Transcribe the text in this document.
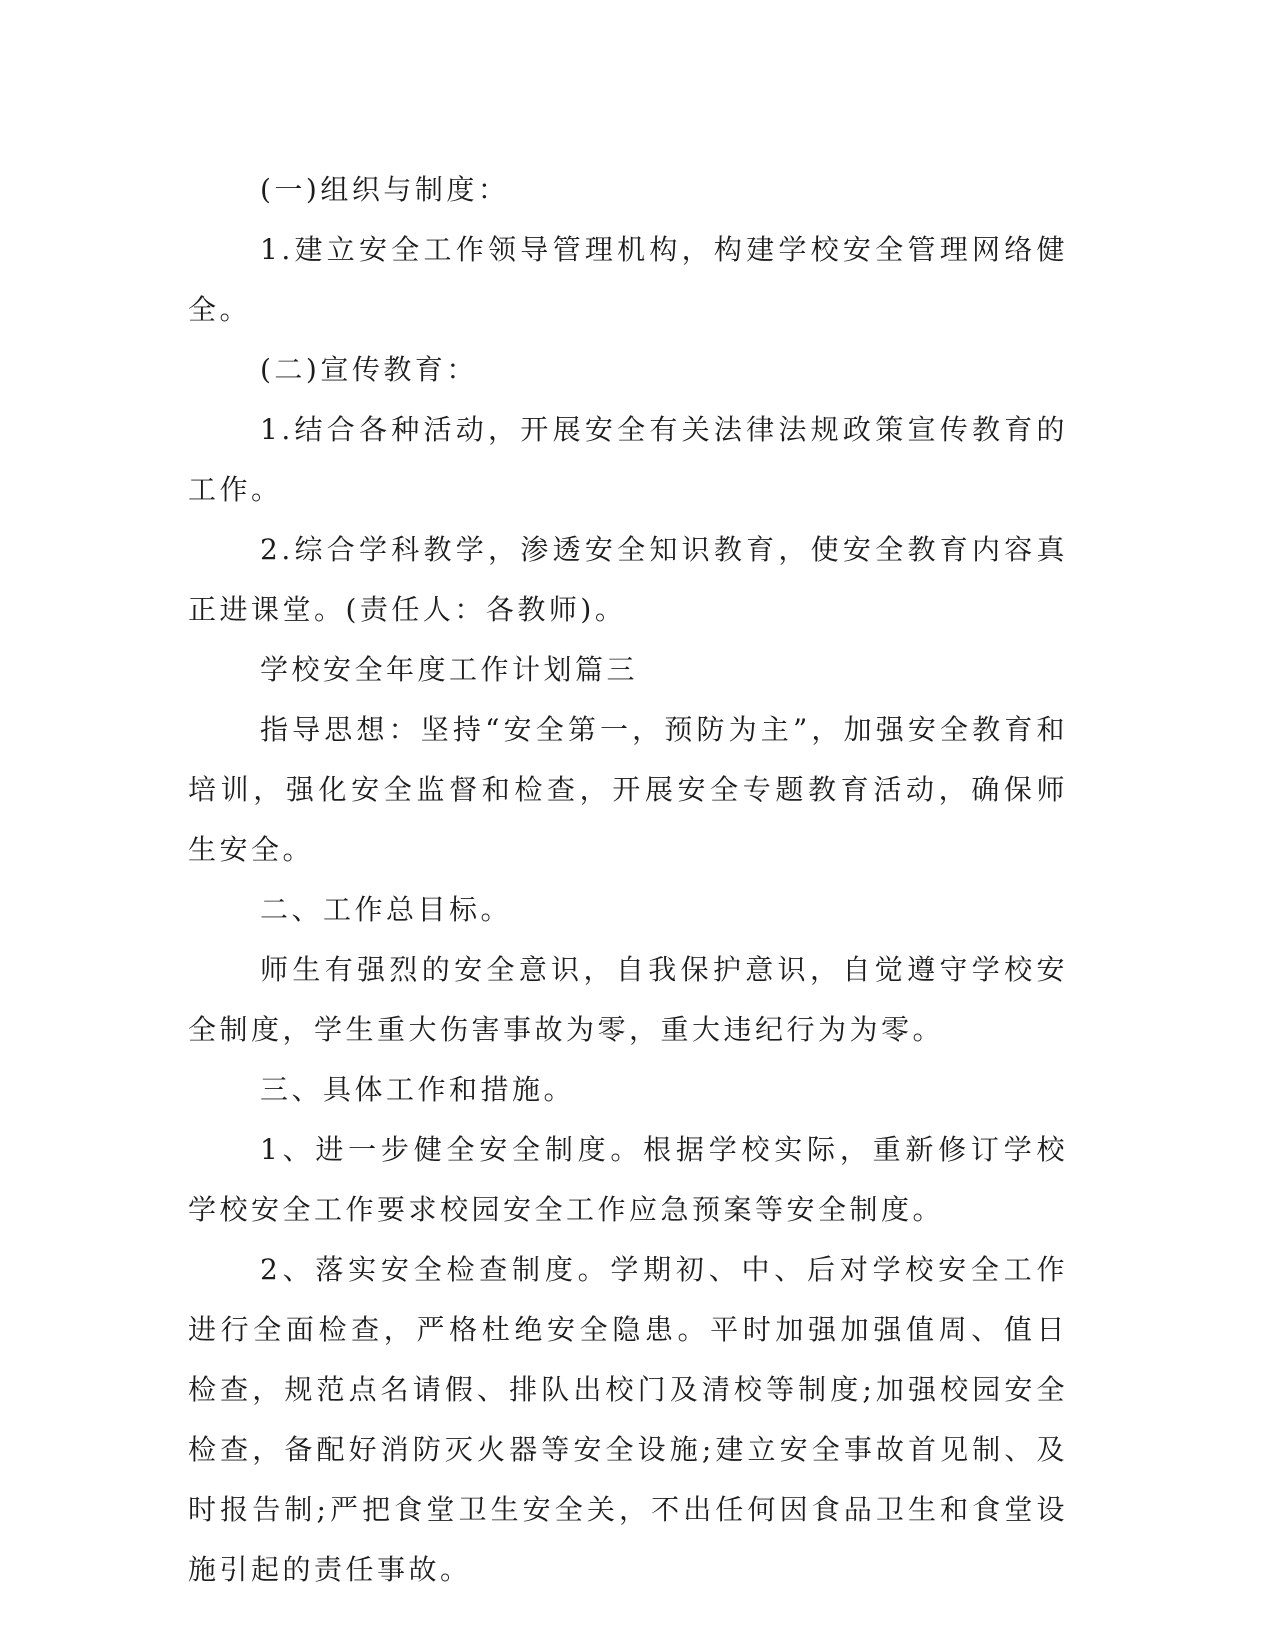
(一)组织与制度：

1.建立安全工作领导管理机构，构建学校安全管理网络健全。

(二)宣传教育：

1.结合各种活动，开展安全有关法律法规政策宣传教育的工作。

2.综合学科教学，渗透安全知识教育，使安全教育内容真正进课堂。(责任人：各教师)。

学校安全年度工作计划篇三

指导思想：坚持“安全第一，预防为主”，加强安全教育和培训，强化安全监督和检查，开展安全专题教育活动，确保师生安全。

二、工作总目标。

师生有强烈的安全意识，自我保护意识，自觉遵守学校安全制度，学生重大伤害事故为零，重大违纪行为为零。

三、具体工作和措施。

1、进一步健全安全制度。根据学校实际，重新修订学校学校安全工作要求校园安全工作应急预案等安全制度。

2、落实安全检查制度。学期初、中、后对学校安全工作进行全面检查，严格杜绝安全隐患。平时加强加强值周、值日检查，规范点名请假、排队出校门及清校等制度;加强校园安全检查，备配好消防灭火器等安全设施;建立安全事故首见制、及时报告制;严把食堂卫生安全关，不出任何因食品卫生和食堂设施引起的责任事故。
